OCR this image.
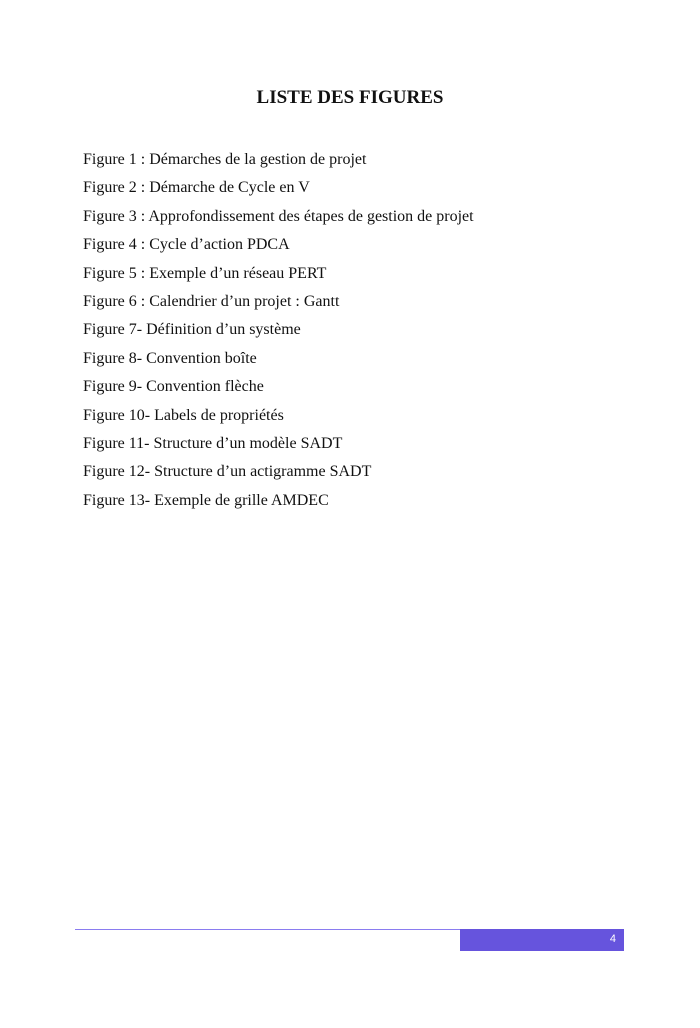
LISTE DES FIGURES
Figure 1 : Démarches de la gestion de projet
Figure 2 : Démarche de Cycle en V
Figure 3 : Approfondissement des étapes de gestion de projet
Figure 4 : Cycle d’action PDCA
Figure 5 : Exemple d’un réseau PERT
Figure 6 : Calendrier d’un projet : Gantt
Figure 7- Définition d’un système
Figure 8- Convention boîte
Figure 9- Convention flèche
Figure 10- Labels de propriétés
Figure 11- Structure d’un modèle SADT
Figure 12- Structure d’un actigramme SADT
Figure 13- Exemple de grille AMDEC
4
